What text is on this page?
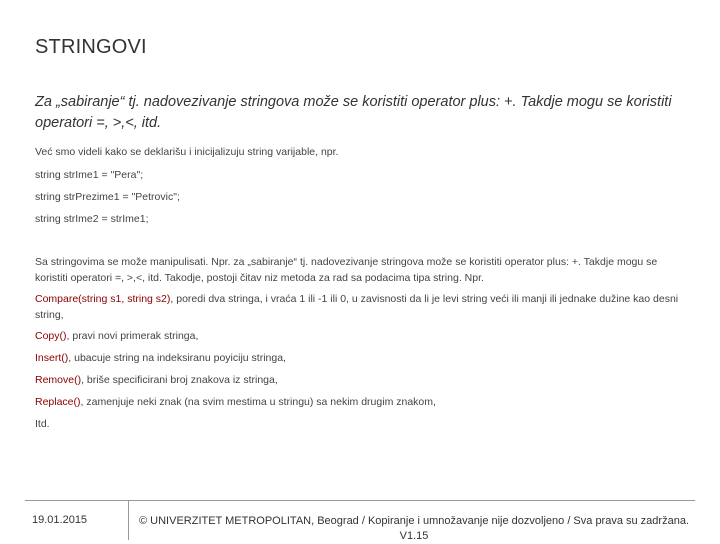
STRINGOVI
Za „sabiranje“ tj. nadovezivanje stringova može se koristiti operator plus: +. Takdje mogu se koristiti operatori =, >,<, itd.
Već smo videli kako se deklarišu i inicijalizuju string varijable, npr.
string strIme1 = "Pera";
string strPrezime1 = "Petrovic";
string strIme2 = strIme1;
Sa stringovima se može manipulisati. Npr. za „sabiranje“ tj. nadovezivanje stringova može se koristiti operator plus: +. Takdje mogu se koristiti operatori =, >,<, itd. Takodje, postoji čitav niz metoda za rad sa podacima tipa string. Npr.
Compare(string s1, string s2), poredi dva stringa, i vraća 1 ili -1 ili 0, u zavisnosti da li je levi string veći ili manji ili jednake dužine kao desni string,
Copy(), pravi novi primerak stringa,
Insert(), ubacuje string na indeksiranu poyiciju stringa,
Remove(), briše specificirani broj znakova iz stringa,
Replace(), zamenjuje neki znak (na svim mestima u stringu) sa nekim drugim znakom,
Itd.
19.01.2015	© UNIVERZITET METROPOLITAN, Beograd / Kopiranje i umnožavanje nije dozvoljeno / Sva prava su zadržana.
V1.15
